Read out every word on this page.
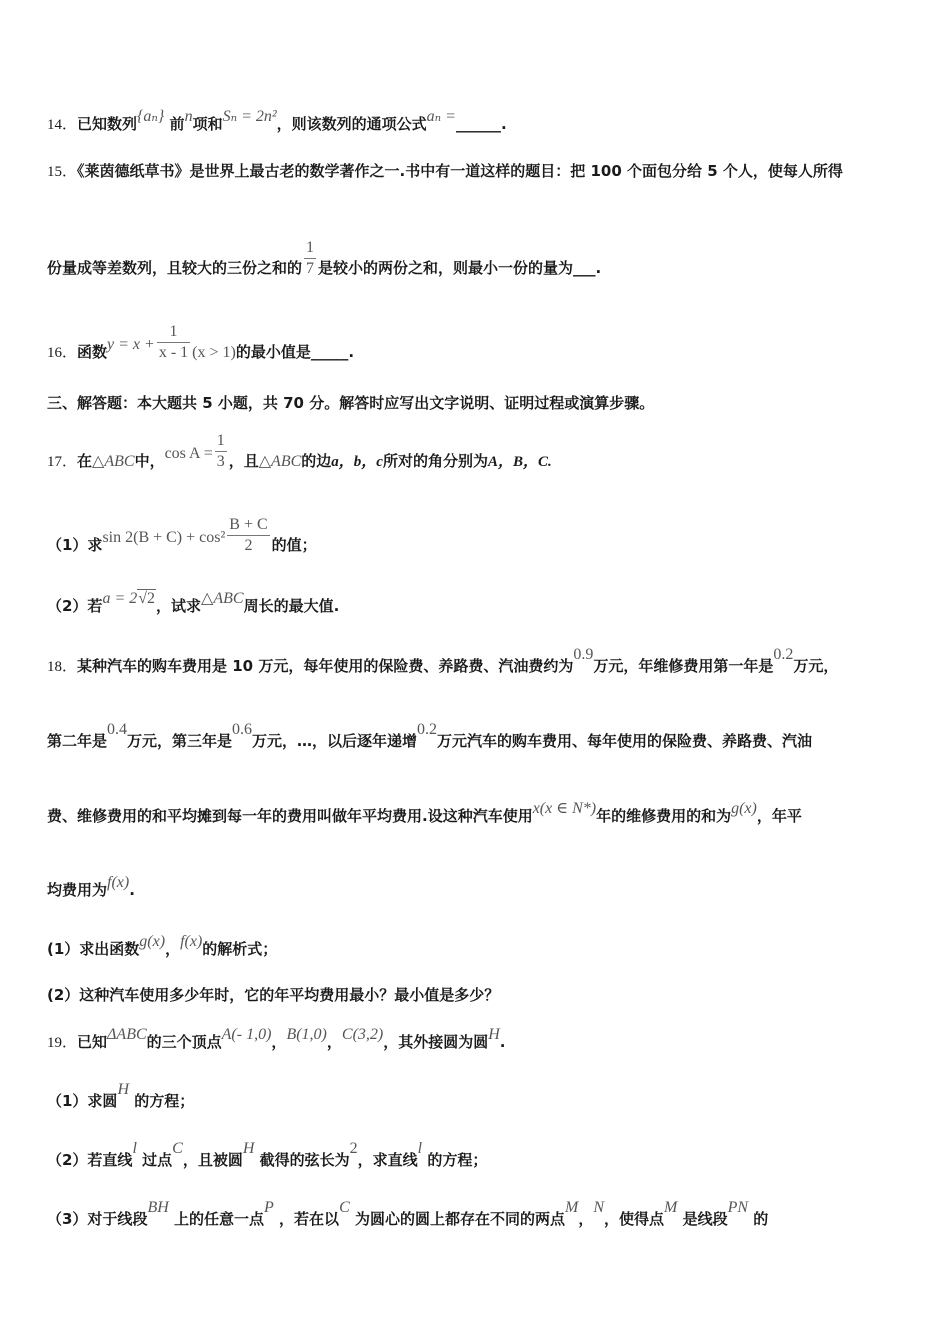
14．已知数列{aₙ} 前n项和Sₙ = 2n²，则该数列的通项公式aₙ =______.
15．《莱茵德纸草书》是世界上最古老的数学著作之一.书中有一道这样的题目：把 100 个面包分给 5 个人，使每人所得
份量成等差数列，且较大的三份之和的 $\frac{1}{7}$ 是较小的两份之和，则最小一份的量为___.
16．函数$y = x + \frac{1}{x - 1} (x > 1)$的最小值是_____.
三、解答题：本大题共 5 小题，共 70 分。解答时应写出文字说明、证明过程或演算步骤。
17．在△ABC中，$\cos A = \frac{1}{3}$ ，且△ABC的边a，b，c所对的角分别为A，B，C.
（1）求$\sin 2(B + C) + \cos^2 \frac{B + C}{2}$ 的值；
（2）若a = 2√2，试求△ABC周长的最大值.
18．某种汽车的购车费用是 10 万元，每年使用的保险费、养路费、汽油费约为0.9万元，年维修费用第一年是0.2万元，
第二年是0.4万元，第三年是0.6万元，…，以后逐年递增0.2万元汽车的购车费用、每年使用的保险费、养路费、汽油
费、维修费用的和平均摊到每一年的费用叫做年平均费用.设这种汽车使用x(x ∈ N*)年的维修费用的和为g(x)，年平
均费用为f(x).
(1）求出函数g(x)，f(x)的解析式；
(2）这种汽车使用多少年时，它的年平均费用最小？最小值是多少？
19．已知ΔABC的三个顶点A(- 1,0)，B(1,0)，C(3,2)，其外接圆为圆H.
（1）求圆H 的方程；
（2）若直线l 过点C，且被圆H 截得的弦长为2，求直线l 的方程；
（3）对于线段BH 上的任意一点P ，若在以C 为圆心的圆上都存在不同的两点M，N，使得点M 是线段PN 的
